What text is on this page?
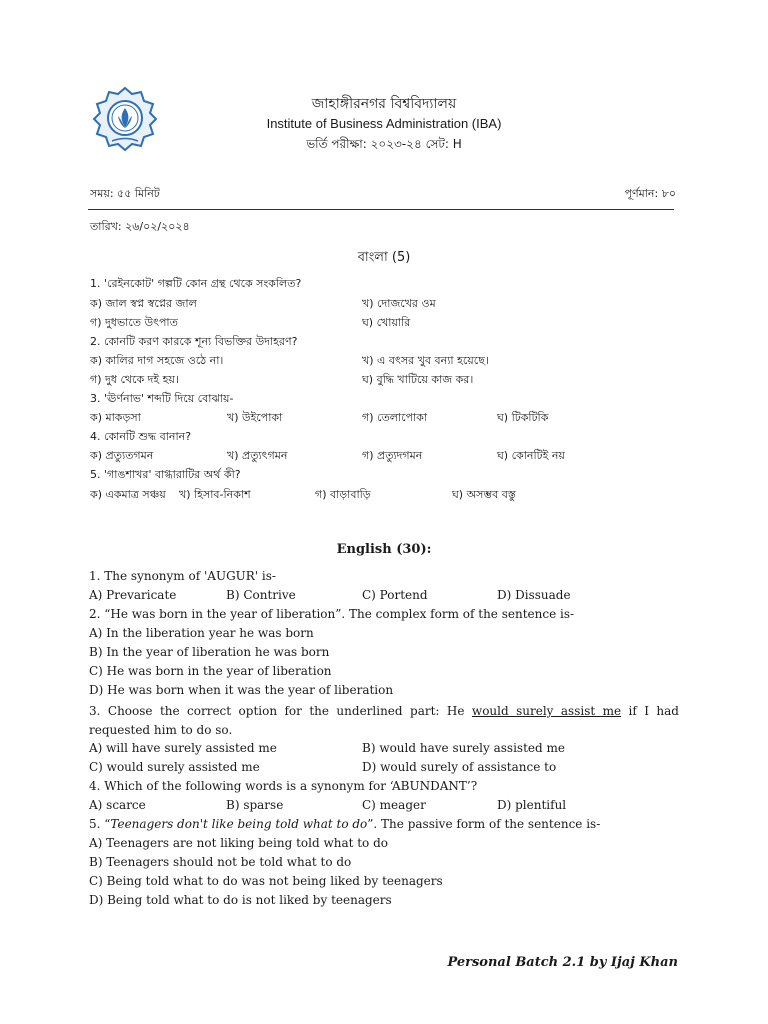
জাহাঙ্গীরনগর বিশ্ববিদ্যালয়
Institute of Business Administration (IBA)
ভর্তি পরীক্ষা: ২০২৩-২৪ সেট: H
সময়: ৫৫ মিনিট	পূর্ণমান: ৮০
তারিখ: ২৬/০২/২০২৪
বাংলা (5)
1. 'রেইনকোট' গল্পটি কোন গ্রন্থ থেকে সংকলিত?
ক) জাল স্বপ্ন স্বপ্নের জাল	খ) দোজখের ওম
গ) দুধভাতে উৎপাত	ঘ) খোয়ারি
2. কোনটি করণ কারকে শূন্য বিভক্তির উদাহরণ?
ক) কালির দাগ সহজে ওঠে না।	খ) এ বৎসর খুব বন্যা হয়েছে।
গ) দুধ থেকে দই হয়।	ঘ) বুদ্ধি খাটিয়ে কাজ কর।
3. 'ঊর্ণনাভ' শব্দটি দিয়ে বোঝায়-
ক) মাকড়সা	খ) উইপোকা	গ) তেলাপোকা	ঘ) টিকটিকি
4. কোনটি শুদ্ধ বানান?
ক) প্রত্যুতগমন	খ) প্রত্যুৎগমন	গ) প্রত্যুদগমন	ঘ) কোনটিই নয়
5. 'গাঙশাখর' বাগ্ধারাটির অর্থ কী?
ক) একমাত্র সঞ্চয় খ) হিসাব-নিকাশ	গ) বাড়াবাড়ি	ঘ) অসম্ভব বস্তু
English (30):
1. The synonym of 'AUGUR' is-
A) Prevaricate	B) Contrive	C) Portend	D) Dissuade
2. “He was born in the year of liberation”. The complex form of the sentence is-
A) In the liberation year he was born
B) In the year of liberation he was born
C) He was born in the year of liberation
D) He was born when it was the year of liberation
3. Choose the correct option for the underlined part: He would surely assist me if I had requested him to do so.
A) will have surely assisted me	B) would have surely assisted me
C) would surely assisted me	D) would surely of assistance to
4. Which of the following words is a synonym for ‘ABUNDANT’?
A) scarce	B) sparse	C) meager	D) plentiful
5. “Teenagers don't like being told what to do”. The passive form of the sentence is-
A) Teenagers are not liking being told what to do
B) Teenagers should not be told what to do
C) Being told what to do was not being liked by teenagers
D) Being told what to do is not liked by teenagers
Personal Batch 2.1 by Ijaj Khan
